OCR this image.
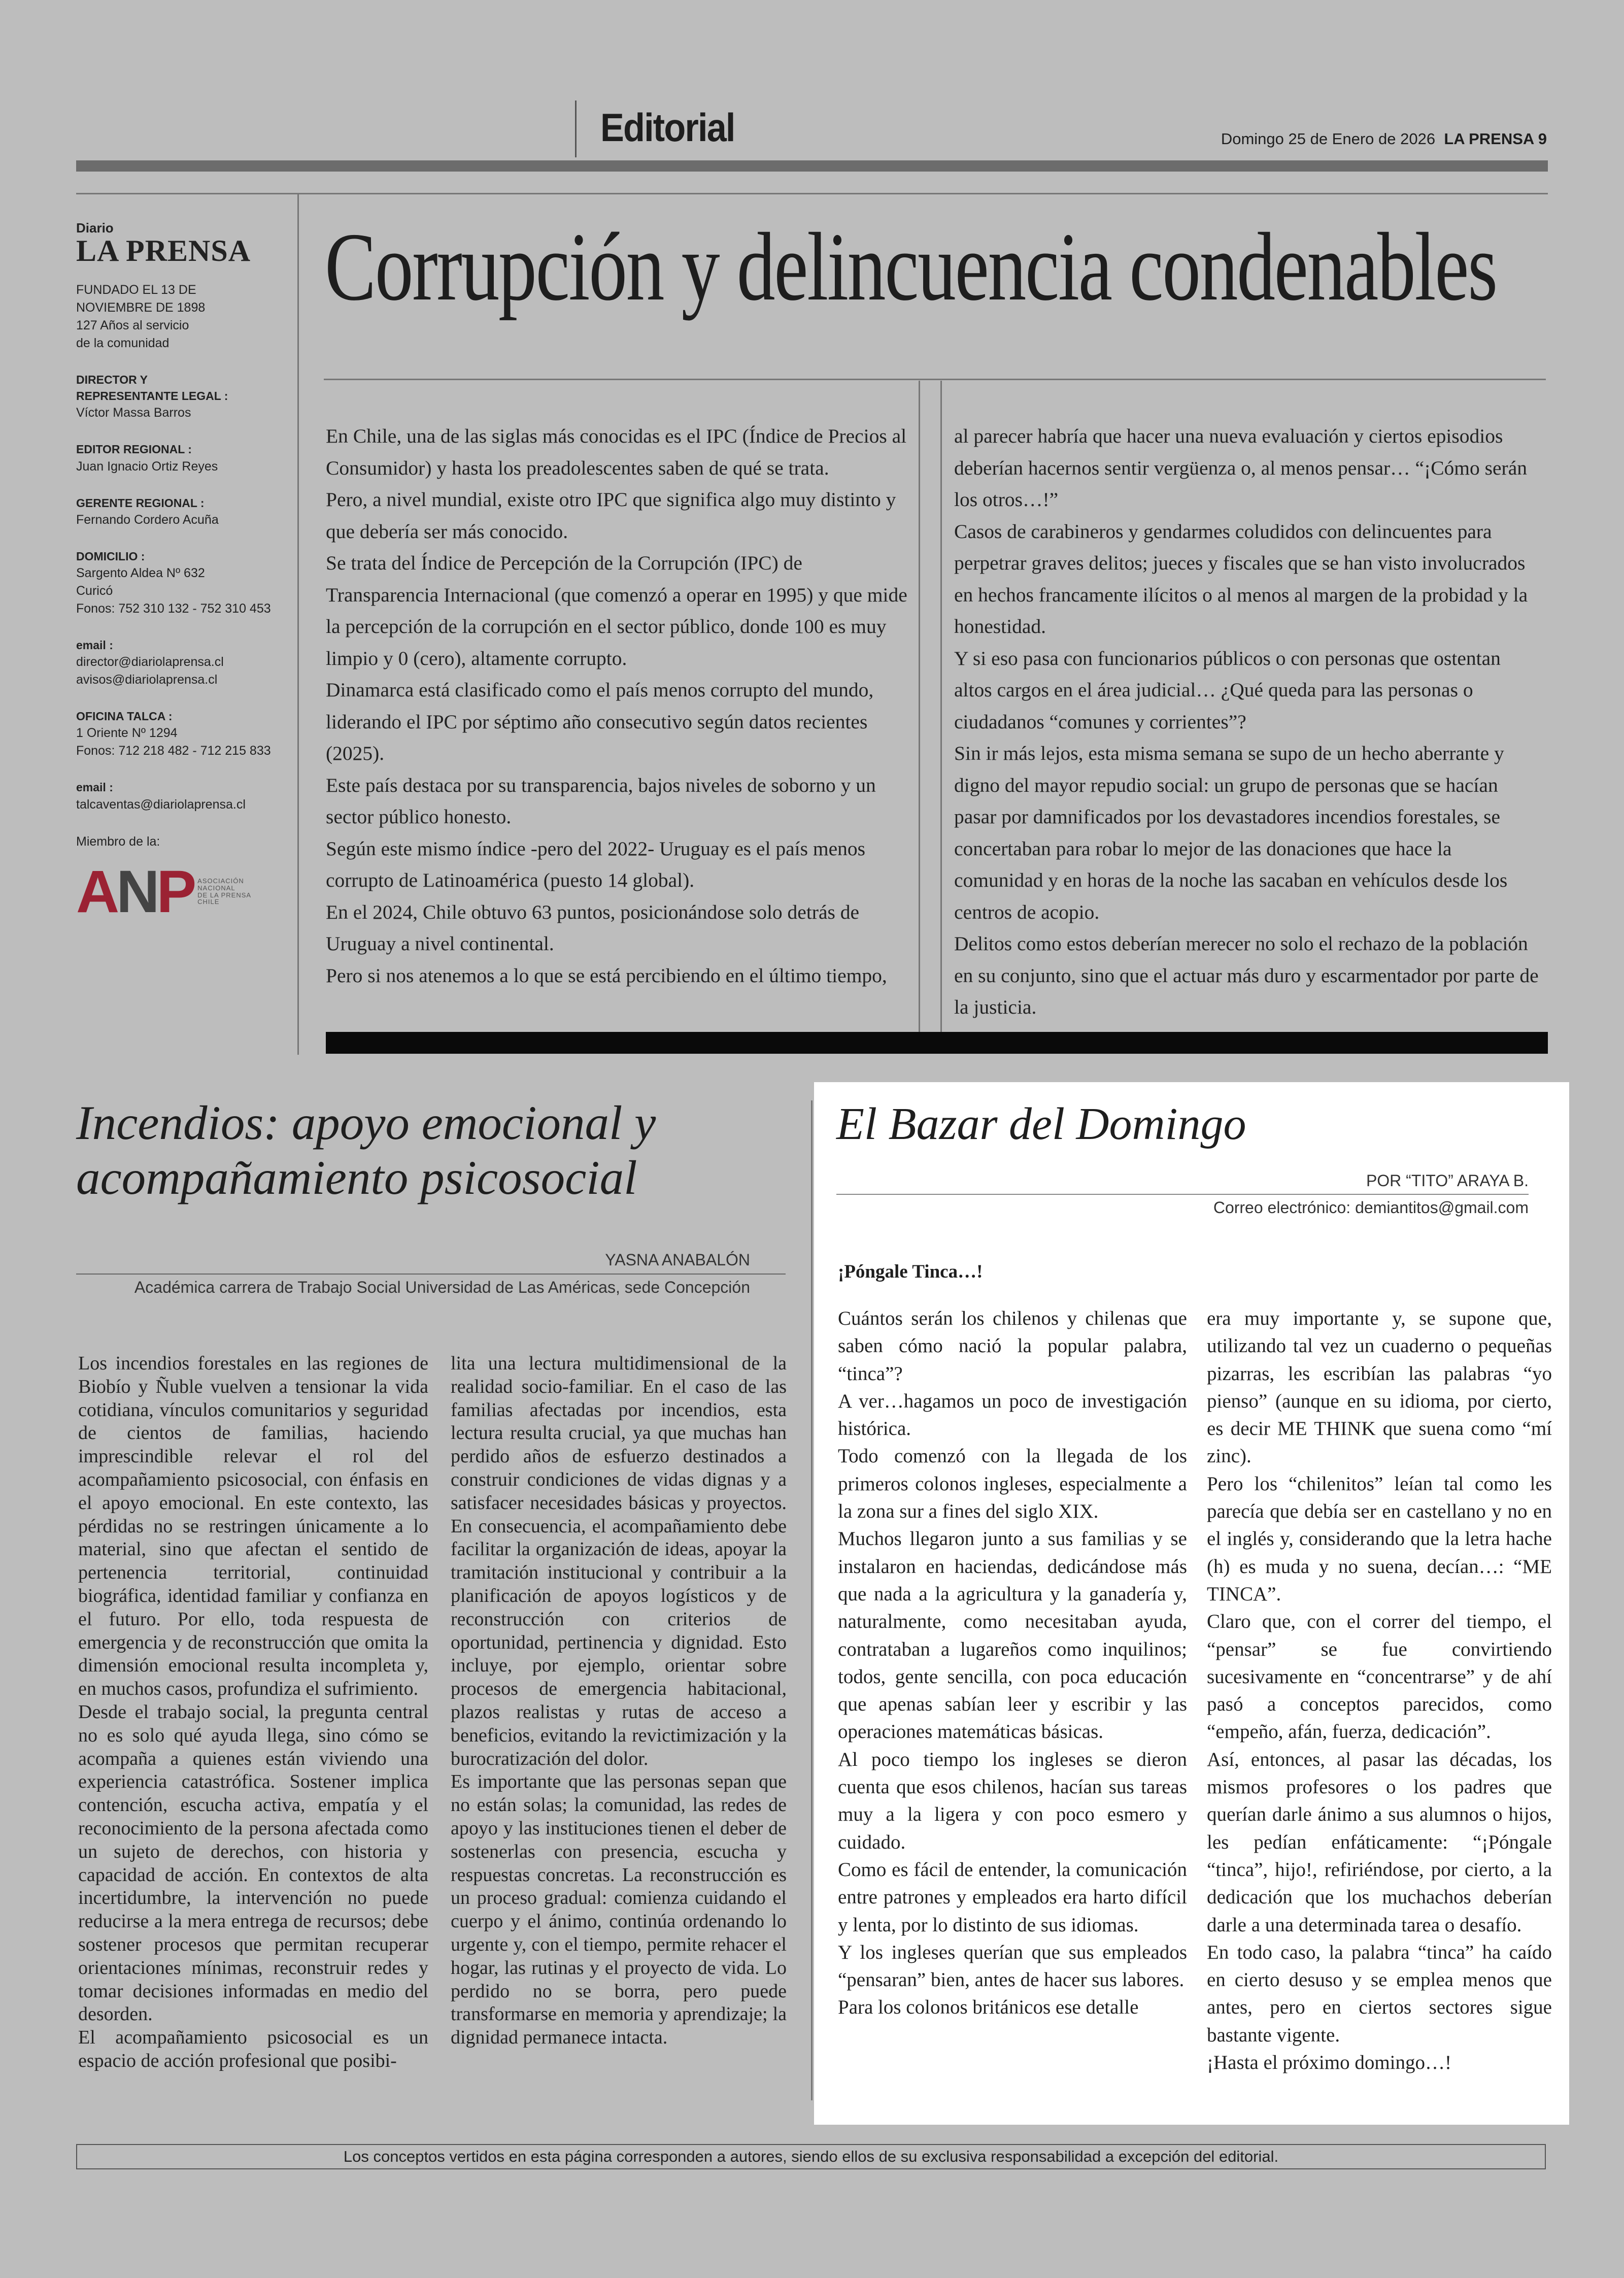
Editorial	Domingo 25 de Enero de 2026 LA PRENSA 9
Diario
LA PRENSA
FUNDADO EL 13 DE
NOVIEMBRE DE 1898
127 Años al servicio
de la comunidad
DIRECTOR Y
REPRESENTANTE LEGAL :
Víctor Massa Barros
EDITOR REGIONAL :
Juan Ignacio Ortiz Reyes
GERENTE REGIONAL :
Fernando Cordero Acuña
DOMICILIO :
Sargento Aldea Nº 632
Curicó
Fonos: 752 310 132 - 752 310 453
email :
director@diariolaprensa.cl
avisos@diariolaprensa.cl
OFICINA TALCA :
1 Oriente Nº 1294
Fonos: 712 218 482 - 712 215 833
email :
talcaventas@diariolaprensa.cl
Miembro de la:
A N P ASOCIACIÓN
NACIONAL
DE LA PRENSA
CHILE
Corrupción y delincuencia condenables

En Chile, una de las siglas más conocidas es el IPC (Índice de Precios al Consumidor) y hasta los preadolescentes saben de qué se trata.

Pero, a nivel mundial, existe otro IPC que significa algo muy distinto y que debería ser más conocido.

Se trata del Índice de Percepción de la Corrupción (IPC) de Transparencia Internacional (que comenzó a operar en 1995) y que mide la percepción de la corrupción en el sector público, donde 100 es muy limpio y 0 (cero), altamente corrupto.

Dinamarca está clasificado como el país menos corrupto del mundo, liderando el IPC por séptimo año consecutivo según datos recientes (2025).

Este país destaca por su transparencia, bajos niveles de soborno y un sector público honesto.

Según este mismo índice -pero del 2022- Uruguay es el país menos corrupto de Latinoamérica (puesto 14 global).

En el 2024, Chile obtuvo 63 puntos, posicionándose solo detrás de Uruguay a nivel continental.

Pero si nos atenemos a lo que se está percibiendo en el último tiempo,

al parecer habría que hacer una nueva evaluación y ciertos episodios deberían hacernos sentir vergüenza o, al menos pensar… “¡Cómo serán los otros…!”

Casos de carabineros y gendarmes coludidos con delincuentes para perpetrar graves delitos; jueces y fiscales que se han visto involucrados en hechos francamente ilícitos o al menos al margen de la probidad y la honestidad.

Y si eso pasa con funcionarios públicos o con personas que ostentan altos cargos en el área judicial… ¿Qué queda para las personas o ciudadanos “comunes y corrientes”?

Sin ir más lejos, esta misma semana se supo de un hecho aberrante y digno del mayor repudio social: un grupo de personas que se hacían pasar por damnificados por los devastadores incendios forestales, se concertaban para robar lo mejor de las donaciones que hace la comunidad y en horas de la noche las sacaban en vehículos desde los centros de acopio.

Delitos como estos deberían merecer no solo el rechazo de la población en su conjunto, sino que el actuar más duro y escarmentador por parte de la justicia.

Incendios: apoyo emocional y acompañamiento psicosocial
YASNA ANABALÓN
Académica carrera de Trabajo Social Universidad de Las Américas, sede Concepción

Los incendios forestales en las regiones de Biobío y Ñuble vuelven a tensionar la vida cotidiana, vínculos comunitarios y seguridad de cientos de familias, haciendo imprescindible relevar el rol del acompañamiento psicosocial, con énfasis en el apoyo emocional. En este contexto, las pérdidas no se restringen únicamente a lo material, sino que afectan el sentido de pertenencia territorial, continuidad biográfica, identidad familiar y confianza en el futuro. Por ello, toda respuesta de emergencia y de reconstrucción que omita la dimensión emocional resulta incompleta y, en muchos casos, profundiza el sufrimiento.

Desde el trabajo social, la pregunta central no es solo qué ayuda llega, sino cómo se acompaña a quienes están viviendo una experiencia catastrófica. Sostener implica contención, escucha activa, empatía y el reconocimiento de la persona afectada como un sujeto de derechos, con historia y capacidad de acción. En contextos de alta incertidumbre, la intervención no puede reducirse a la mera entrega de recursos; debe sostener procesos que permitan recuperar orientaciones mínimas, reconstruir redes y tomar decisiones informadas en medio del desorden.

El acompañamiento psicosocial es un espacio de acción profesional que posibi-

lita una lectura multidimensional de la realidad socio-familiar. En el caso de las familias afectadas por incendios, esta lectura resulta crucial, ya que muchas han perdido años de esfuerzo destinados a construir condiciones de vidas dignas y a satisfacer necesidades básicas y proyectos. En consecuencia, el acompañamiento debe facilitar la organización de ideas, apoyar la tramitación institucional y contribuir a la planificación de apoyos logísticos y de reconstrucción con criterios de oportunidad, pertinencia y dignidad. Esto incluye, por ejemplo, orientar sobre procesos de emergencia habitacional, plazos realistas y rutas de acceso a beneficios, evitando la revictimización y la burocratización del dolor.

Es importante que las personas sepan que no están solas; la comunidad, las redes de apoyo y las instituciones tienen el deber de sostenerlas con presencia, escucha y respuestas concretas. La reconstrucción es un proceso gradual: comienza cuidando el cuerpo y el ánimo, continúa ordenando lo urgente y, con el tiempo, permite rehacer el hogar, las rutinas y el proyecto de vida. Lo perdido no se borra, pero puede transformarse en memoria y aprendizaje; la dignidad permanece intacta.

El Bazar del Domingo
POR “TITO” ARAYA B.
Correo electrónico: demiantitos@gmail.com
¡Póngale Tinca…!

Cuántos serán los chilenos y chilenas que saben cómo nació la popular palabra, “tinca”?

A ver…hagamos un poco de investigación histórica.

Todo comenzó con la llegada de los primeros colonos ingleses, especialmente a la zona sur a fines del siglo XIX.

Muchos llegaron junto a sus familias y se instalaron en haciendas, dedicándose más que nada a la agricultura y la ganadería y, naturalmente, como necesitaban ayuda, contrataban a lugareños como inquilinos; todos, gente sencilla, con poca educación que apenas sabían leer y escribir y las operaciones matemáticas básicas.

Al poco tiempo los ingleses se dieron cuenta que esos chilenos, hacían sus tareas muy a la ligera y con poco esmero y cuidado.

Como es fácil de entender, la comunicación entre patrones y empleados era harto difícil y lenta, por lo distinto de sus idiomas.

Y los ingleses querían que sus empleados “pensaran” bien, antes de hacer sus labores.

Para los colonos británicos ese detalle

era muy importante y, se supone que, utilizando tal vez un cuaderno o pequeñas pizarras, les escribían las palabras “yo pienso” (aunque en su idioma, por cierto, es decir ME THINK que suena como “mí zinc).

Pero los “chilenitos” leían tal como les parecía que debía ser en castellano y no en el inglés y, considerando que la letra hache (h) es muda y no suena, decían…: “ME TINCA”.

Claro que, con el correr del tiempo, el “pensar” se fue convirtiendo sucesivamente en “concentrarse” y de ahí pasó a conceptos parecidos, como “empeño, afán, fuerza, dedicación”.

Así, entonces, al pasar las décadas, los mismos profesores o los padres que querían darle ánimo a sus alumnos o hijos, les pedían enfáticamente: “¡Póngale “tinca”, hijo!, refiriéndose, por cierto, a la dedicación que los muchachos deberían darle a una determinada tarea o desafío.

En todo caso, la palabra “tinca” ha caído en cierto desuso y se emplea menos que antes, pero en ciertos sectores sigue bastante vigente.

¡Hasta el próximo domingo…!

Los conceptos vertidos en esta página corresponden a autores, siendo ellos de su exclusiva responsabilidad a excepción del editorial.
